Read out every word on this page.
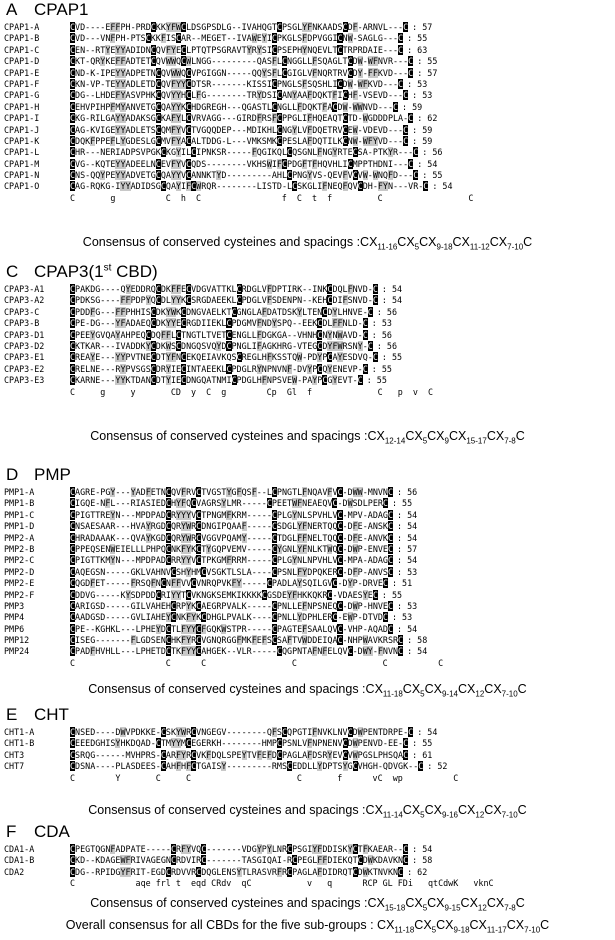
A CPAP1
CPAP1-A	CVD----EFFPH-PRDCKKYFWCLDSGPSDLG--IVAHQGTCPSGLYFNKAADSCDF-ARNVL---C : 57
CPAP1-B	CVD---VNFPH-PTSCKKFISCAR--MEGET--IVAWEYICPKGLSFDPVGGICNW-SAGLG---C : 55
CPAP1-C	CEN--RTYEYYADIDNCQVFYECLPTQTPSGRAVTYRYSICPSEPHYNQEVLTCTRPRDAIE---C : 63
CPAP1-D	CKT-QRYKEFFADTETCQVWWQCWLNGG---------QASFLCNGGLLFSQAGLTCDW-WFNVR---C : 55
CPAP1-E	CND-K-IPEYYADPETNCQVWWQCVPGIGGN-----QQYSFLCGIGLVFNQRTRVCDY-FFKVD---C : 57
CPAP1-F	CKN-VP-TEYYADLETDCQVFYYCDTSR-------KISSICPNGLSFSQSHLICDW-WFKVD---C : 53
CPAP1-G	CDG--LHDEFYASVPHKCQVYYHCLFG--------TRYDSICANYAAFDQKTFICHF-VSEVD---C : 53
CPAP1-H	CEHVPIHPFMYANVETGCQAYYKCHDGREGH---QGASTLCNGLLFDQKTFACDW-WWNVD---C : 59
CPAP1-I	CKG-RILGAYYADAKSGCKAFYLCVRVAGG---GIRDFRSFCPPGLIFHQEAQTCTD-WGDDDPLA-C : 62
CPAP1-J	CAG-KVIGEYYADLETSCQMFYVCTVGQQDEP---MDIKHLCNGYLVFDQETRVCEW-VDEVD---C : 59
CPAP1-K	CDQKFPPEFLYGDESLGCMVFYACALTDDG-L---VMKSMKCPESLAFDQTILKCNW-WFYVD---C : 59
CPAP1-L	CHR---NERIADPSVPGKCKGYILCIPNKSR-----FQGIKQLCQSGNLFNGYRTECSA-PTKYR---C : 56
CPAP1-M	CVG--KQTEYYADEELNCEVFYVCQDS--------VKHSWIFCPDGFTFHQVHLICMPPTHDNI---C : 54
CPAP1-N	CNS-QQYPEYYADVETGCQAYYVCANNKTYD---------AHLCPNGYVS-QEVFVCVW-WNQFD---C : 55
CPAP1-O	CAG-RQKG-IYYADIDSGCQAYIFCWRQR--------LISTD-LCSKGLIFNEQFQVCDH-FYN---VR-C : 54
C       g          C  h  C                f  C  t  f         C                 C
Consensus of conserved cysteines and spacings $:CX_{11-16}CX_5CX_{9-18}CX_{11-12}CX_{7-10}C$
C CPAP3(1st CBD)
CPAP3-A1	CPAKDG----QYEDDRQCDKFFECVDGVATTKLCRDGLVFDPTIRK--INKCDQLFNVD-C : 54
CPAP3-A2	CPDKSG----FFPDPYQCDLYYKCSRGDAEEKLCPDGLVFSDENPN--KEHCDIFSNVD-C : 54
CPAP3-C	CPDDFG---FFPHHISCDKYWKCDNGVAELKTCGNGLAFDATDSKYLTENCDYLHNVE-C : 56
CPAP3-B	CPE-DG---YFADAEQCDKYYECRGDIIEKLCPDGMVFNDYSPQ--EEKCDLFFNLD-C : 53
CPAP3-D1	CPEEYGVQAYAHPEQCDQFFLCTNGTLTVETCENGLLFDGKGA--VHNHCNYNWAVD-C : 56
CPAP3-D2	CKTKAR---IVADDKYCDKWSCDNGQSVQYDCPNGLIFAGKHRG-VTEGCDYFWRSNY-C : 56
CPAP3-E1	CREAYE---YYPVTNECDTYFNCEKQEIAVKQSCREGLHFKSSTQW-PDYPCAYESDVQ-C : 55
CPAP3-E2	CRELNE---RYPVSGSCDRYIECINTAEEKLCPDGLRYNPNVNF-DVYPCQYENEVP-C : 55
CPAP3-E3	CKARNE---YYKTDANCDTYIECDNGQATNMICPDGLHFNPSVEW-PAYPCGYEVT-C : 55
C     g     y       CD  y  C  g        Cp  Gl  f             C   p  v  C
Consensus of conserved cysteines and spacings $:CX_{12-14}CX_5CX_9CX_{15-17}CX_{7-8}C$
D PMP
PMP1-A	CAGRE-PGY---YADFETNCQVFRVCTVGSTYGFQSF--LCPNGTLFNQAVFVC-DWW-MNVNC : 56
PMP1-B	CIGQE-NFL---RIASIEDCHYFQCVAGRSYLMR-----CPEETWFNEAEQVC-DWSDLPERC : 55
PMP1-C	CPIGTTREYN---MPDPADCRYYYVCTPNGMFKRM-----CPLGYNLSPVHLVC-MPV-ADAGC : 54
PMP1-D	CNSAESAAR---HVAYRGDCQRYWRCDNGIPQAAF-----CSDGLYFNERTQQC-DFE-ANSKC : 54
PMP2-A	CHRADAAAK---QVAYKGDCQRYWRCVGGVPQAMY-----CTDGLFFNELTQQC-DFE-ANVKC : 54
PMP2-B	CPPEQSENWEIELLLPHPQCNKFYKCTYGQPVEMV-----CYGNLYFNLKTWQC-DWP-ENVEC : 57
PMP2-C	CPIGTTKMYN---MPDPADCRRYYVCTPKGMFRRM-----CPLGYNLNPVHLVC-MPA-ADAGC : 54
PMP2-D	CAQEGSN-----GKLVAHNVCSHYHMCVSGKTLSLA----CPSNLFYDPQKERC-DFP-ANVSC : 53
PMP2-E	CQGDFET-----FRSQFNCNFFVVCVNRQPVKFY-----CPADLAYSQILGVC-DYP-DRVEC : 51
PMP2-F	CDDVG-----KYSDPDDCRIYYTCVKNGKSEMKIKKKKCGSDEYFHKKQKRC-VDAESYEC : 55
PMP3	CARIGSD-----GILVAHEHCRPYKCAEGRPVALK-----CPNLLEFNPSNEQC-DWP-HNVEC : 53
PMP4	CAADGSD-----GVLIAHEYCNKFYKCDHGLPVALK----CPNLLYDPHLERC-EWP-DTVDC : 53
PMP6	CPE--KGHKL---LPHEYDCTLFYYCFGQKWSTPR-----CPAGTEFSAALQVC-VHP-AQADC : 54
PMP12	CISEG-------FLGDSENCHKFYRCVGNQRGGFMKFEFSCSAFTVWDDEIQAC-NHPWAVKRSRC : 58
PMP24	CPADFHVHLL---LPHETDCTKFYYCAHGEK--VLR-----CQGPNTAFNFELQVC-DWY-FNVNC : 54
C                  C      C                 C                 C          C
Consensus of conserved cysteines and spacings $:CX_{11-18}CX_5CX_{9-14}CX_{12}CX_{7-10}C$
E CHT
CHT1-A	CNSED----DWVPDKKE-CSKYWRCVNGEGV--------QFSCQPGTIFNVKLNVCDWPENTDRPE-C : 54
CHT1-B	CEEEDGHISYHKDQAD-CTMYYMCEGERKH--------HMPCPSNLVFNPNENVCDWPENVD-EE-C : 55
CHT3	CSRQG------MVHPRS-CARFYRCVKFDQLSPEYTVFEFDCPAGLAFDSRYEVCVWPGSLPHSQAC : 61
CHT7	CDSNA----PLASDEES-CAHFHFCTGAISY---------RMSCEDDLLYDPTSYGCVHGH-QDVGK--C : 52
C        Y       C     C                     C       f      vC  wp          C
Consensus of conserved cysteines and spacings $:CX_{11-14}CX_5CX_{9-16}CX_{12}CX_{7-10}C$
F CDA
CDA1-A	CPEGTQGNFADPATE-----CRFYVQC-------VDGYPYLNRCPSGIYFDDISKYCTFKAEAR--C : 54
CDA1-B	CKD--KDAGEWFRIVAGEGNCRDVIRC-------TASGIQAI-RCPEGLFFDIEKQTCDWKDAVKNC : 58
CDA2	CDG--RPIDGYFRIT-EGDCRDVVRCDQGLENSYTLRASVRFRCPAGLAFDIDRQTCDWKTNVKNC : 62
C            aqe frl t  eqd CRdv  qC           v   q      RCP GL FDi   qtCdwK   vknC
Consensus of conserved cysteines and spacings $:CX_{15-18}CX_5CX_{9-15}CX_{12}CX_{7-8}C$
Overall consensus for all CBDs for the five sub-groups : $CX_{11-18}CX_5CX_{9-18}CX_{11-17}CX_{7-10}C$
